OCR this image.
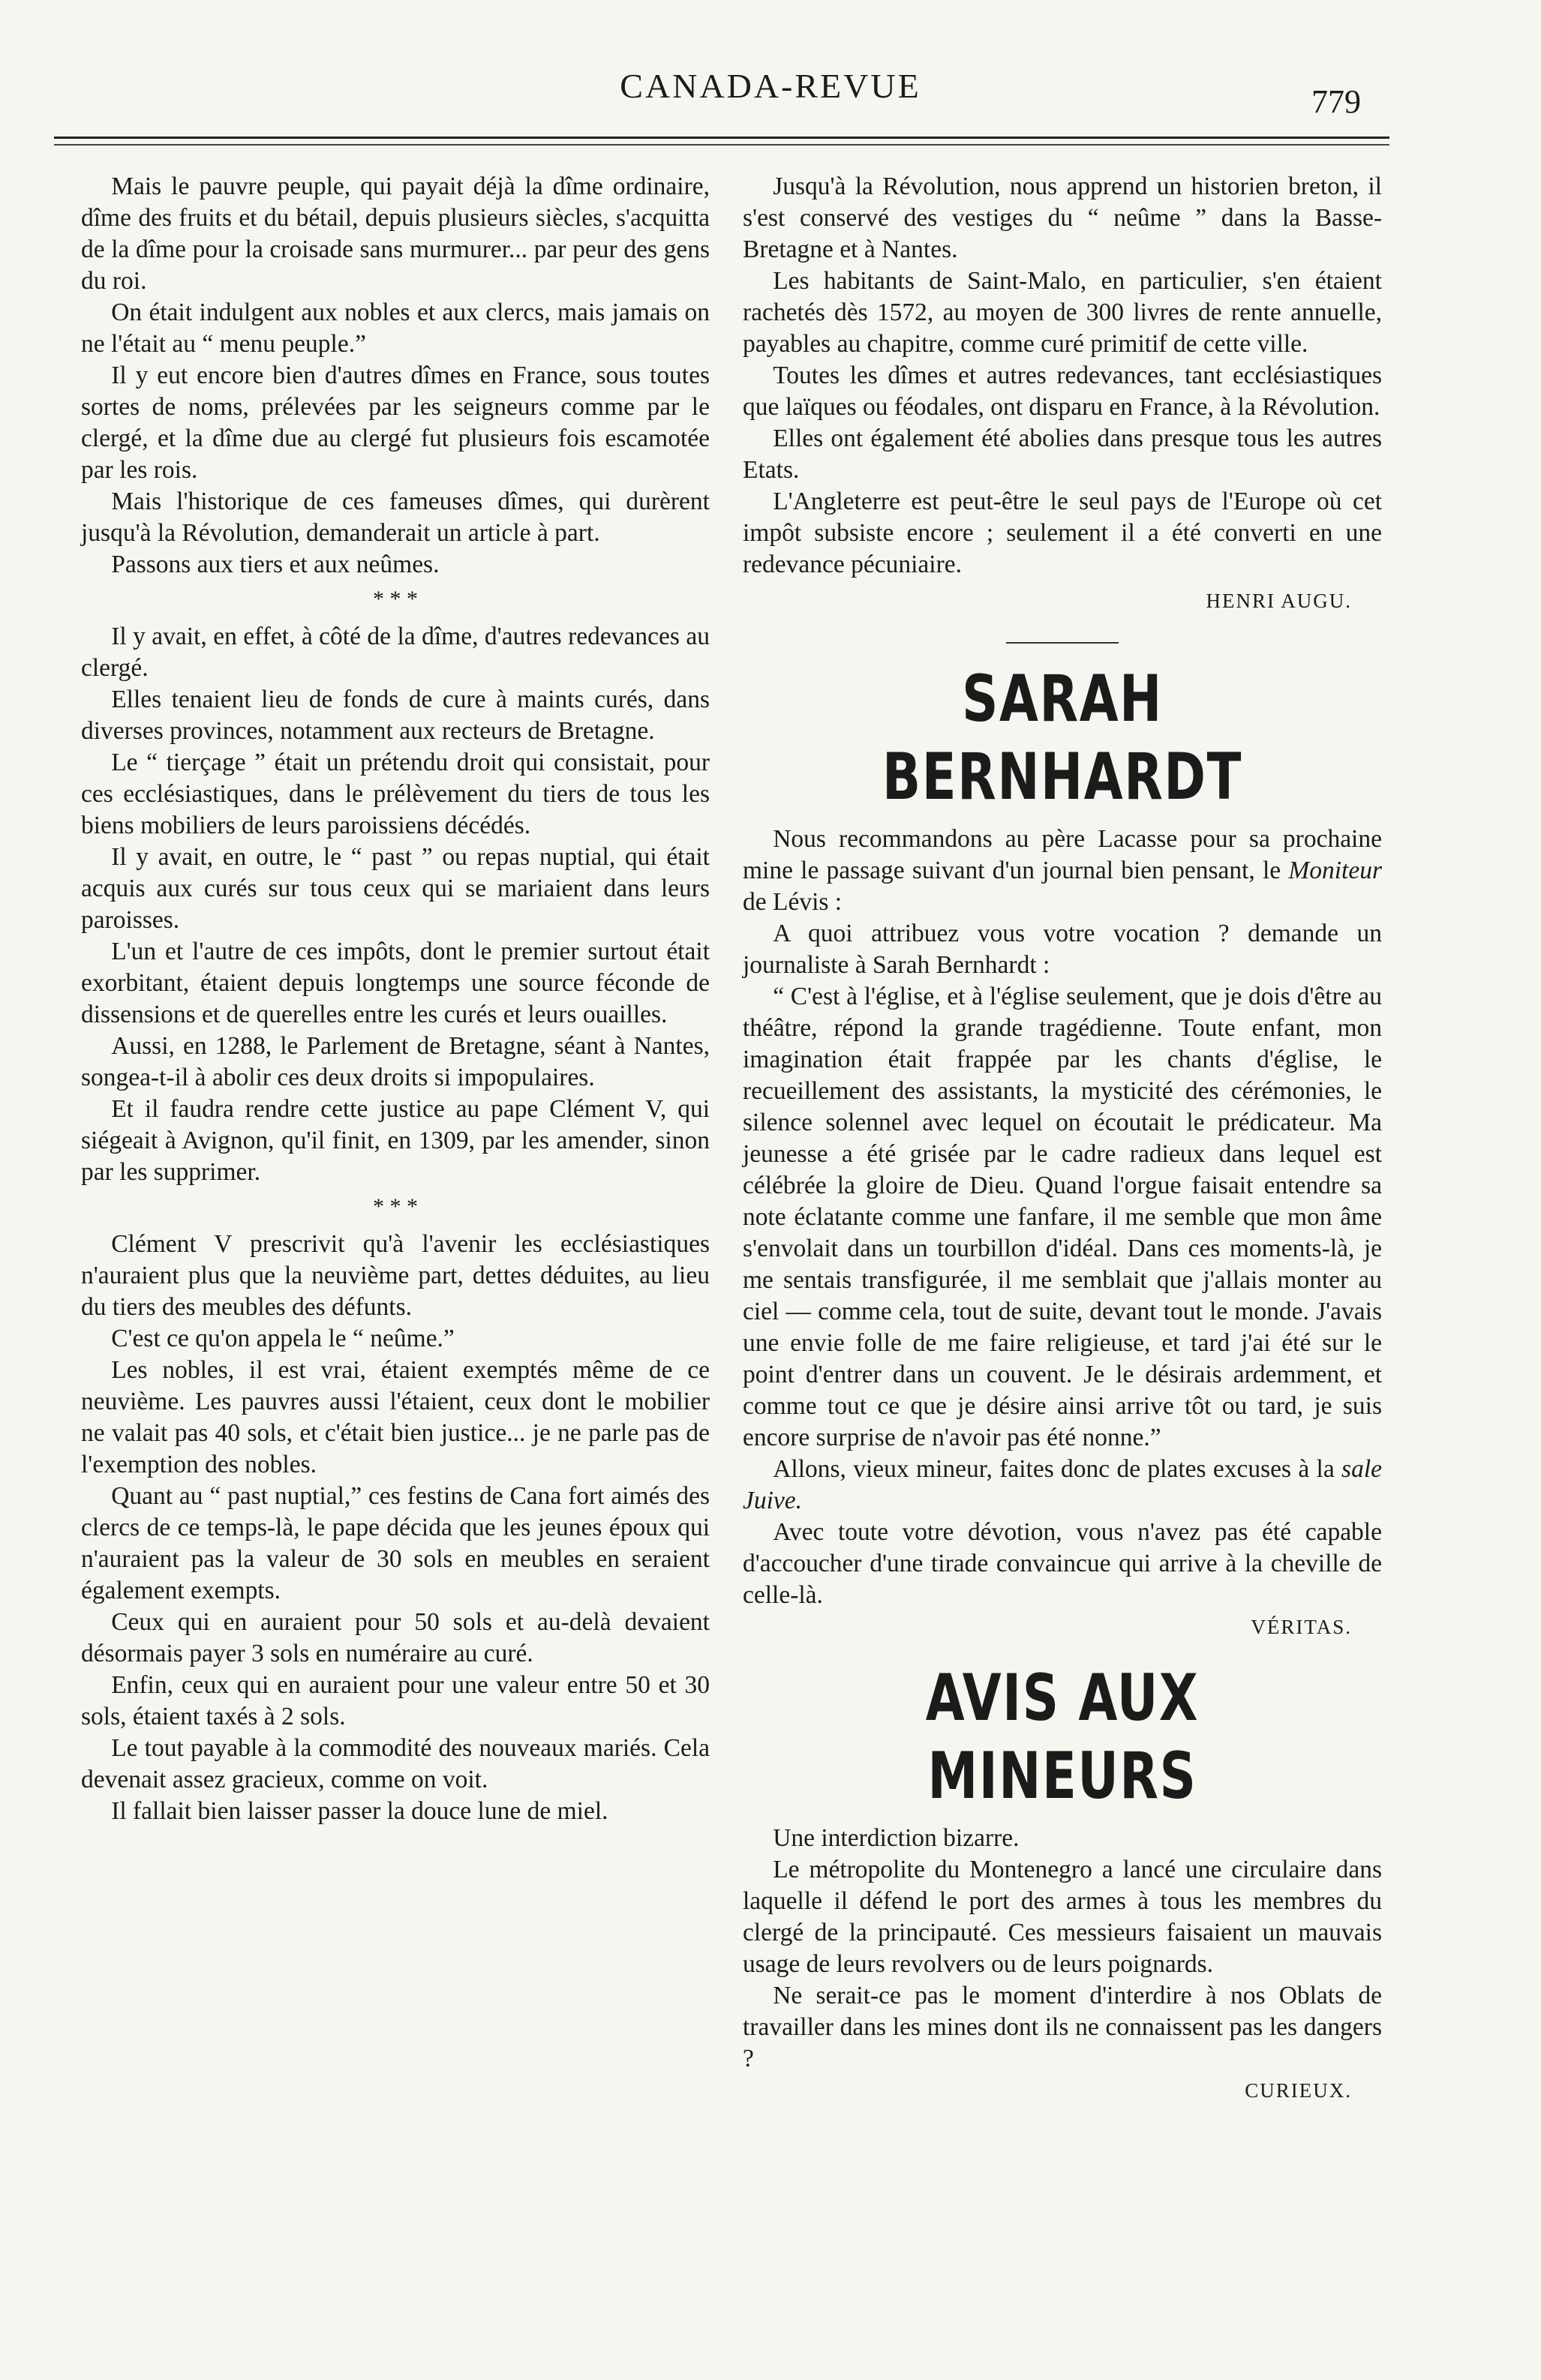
CANADA-REVUE	779

Mais le pauvre peuple, qui payait déjà la dîme ordinaire, dîme des fruits et du bétail, depuis plusieurs siècles, s'acquitta de la dîme pour la croisade sans murmurer... par peur des gens du roi.

On était indulgent aux nobles et aux clercs, mais jamais on ne l'était au “ menu peuple.”

Il y eut encore bien d'autres dîmes en France, sous toutes sortes de noms, prélevées par les seigneurs comme par le clergé, et la dîme due au clergé fut plusieurs fois escamotée par les rois.

Mais l'historique de ces fameuses dîmes, qui durèrent jusqu'à la Révolution, demanderait un article à part.

Passons aux tiers et aux neûmes.

* * *

Il y avait, en effet, à côté de la dîme, d'autres redevances au clergé.

Elles tenaient lieu de fonds de cure à maints curés, dans diverses provinces, notamment aux recteurs de Bretagne.

Le “ tierçage ” était un prétendu droit qui consistait, pour ces ecclésiastiques, dans le prélèvement du tiers de tous les biens mobiliers de leurs paroissiens décédés.

Il y avait, en outre, le “ past ” ou repas nuptial, qui était acquis aux curés sur tous ceux qui se mariaient dans leurs paroisses.

L'un et l'autre de ces impôts, dont le premier surtout était exorbitant, étaient depuis longtemps une source féconde de dissensions et de querelles entre les curés et leurs ouailles.

Aussi, en 1288, le Parlement de Bretagne, séant à Nantes, songea-t-il à abolir ces deux droits si impopulaires.

Et il faudra rendre cette justice au pape Clément V, qui siégeait à Avignon, qu'il finit, en 1309, par les amender, sinon par les supprimer.

* * *

Clément V prescrivit qu'à l'avenir les ecclésiastiques n'auraient plus que la neuvième part, dettes déduites, au lieu du tiers des meubles des défunts.

C'est ce qu'on appela le “ neûme.”

Les nobles, il est vrai, étaient exemptés même de ce neuvième. Les pauvres aussi l'étaient, ceux dont le mobilier ne valait pas 40 sols, et c'était bien justice... je ne parle pas de l'exemption des nobles.

Quant au “ past nuptial,” ces festins de Cana fort aimés des clercs de ce temps-là, le pape décida que les jeunes époux qui n'auraient pas la valeur de 30 sols en meubles en seraient également exempts.

Ceux qui en auraient pour 50 sols et au-delà devaient désormais payer 3 sols en numéraire au curé.

Enfin, ceux qui en auraient pour une valeur entre 50 et 30 sols, étaient taxés à 2 sols.

Le tout payable à la commodité des nouveaux mariés. Cela devenait assez gracieux, comme on voit.

Il fallait bien laisser passer la douce lune de miel.

Jusqu'à la Révolution, nous apprend un historien breton, il s'est conservé des vestiges du “ neûme ” dans la Basse-Bretagne et à Nantes.

Les habitants de Saint-Malo, en particulier, s'en étaient rachetés dès 1572, au moyen de 300 livres de rente annuelle, payables au chapitre, comme curé primitif de cette ville.

Toutes les dîmes et autres redevances, tant ecclésiastiques que laïques ou féodales, ont disparu en France, à la Révolution.

Elles ont également été abolies dans presque tous les autres Etats.

L'Angleterre est peut-être le seul pays de l'Europe où cet impôt subsiste encore ; seulement il a été converti en une redevance pécuniaire.

HENRI AUGU.
SARAH BERNHARDT

Nous recommandons au père Lacasse pour sa prochaine mine le passage suivant d'un journal bien pensant, le Moniteur de Lévis :

A quoi attribuez vous votre vocation ? demande un journaliste à Sarah Bernhardt :

“ C'est à l'église, et à l'église seulement, que je dois d'être au théâtre, répond la grande tragédienne. Toute enfant, mon imagination était frappée par les chants d'église, le recueillement des assistants, la mysticité des cérémonies, le silence solennel avec lequel on écoutait le prédicateur. Ma jeunesse a été grisée par le cadre radieux dans lequel est célébrée la gloire de Dieu. Quand l'orgue faisait entendre sa note éclatante comme une fanfare, il me semble que mon âme s'envolait dans un tourbillon d'idéal. Dans ces moments-là, je me sentais transfigurée, il me semblait que j'allais monter au ciel — comme cela, tout de suite, devant tout le monde. J'avais une envie folle de me faire religieuse, et tard j'ai été sur le point d'entrer dans un couvent. Je le désirais ardemment, et comme tout ce que je désire ainsi arrive tôt ou tard, je suis encore surprise de n'avoir pas été nonne.”

Allons, vieux mineur, faites donc de plates excuses à la sale Juive.

Avec toute votre dévotion, vous n'avez pas été capable d'accoucher d'une tirade convaincue qui arrive à la cheville de celle-là.

VÉRITAS.
AVIS AUX MINEURS

Une interdiction bizarre.

Le métropolite du Montenegro a lancé une circulaire dans laquelle il défend le port des armes à tous les membres du clergé de la principauté. Ces messieurs faisaient un mauvais usage de leurs revolvers ou de leurs poignards.

Ne serait-ce pas le moment d'interdire à nos Oblats de travailler dans les mines dont ils ne connaissent pas les dangers ?

CURIEUX.
